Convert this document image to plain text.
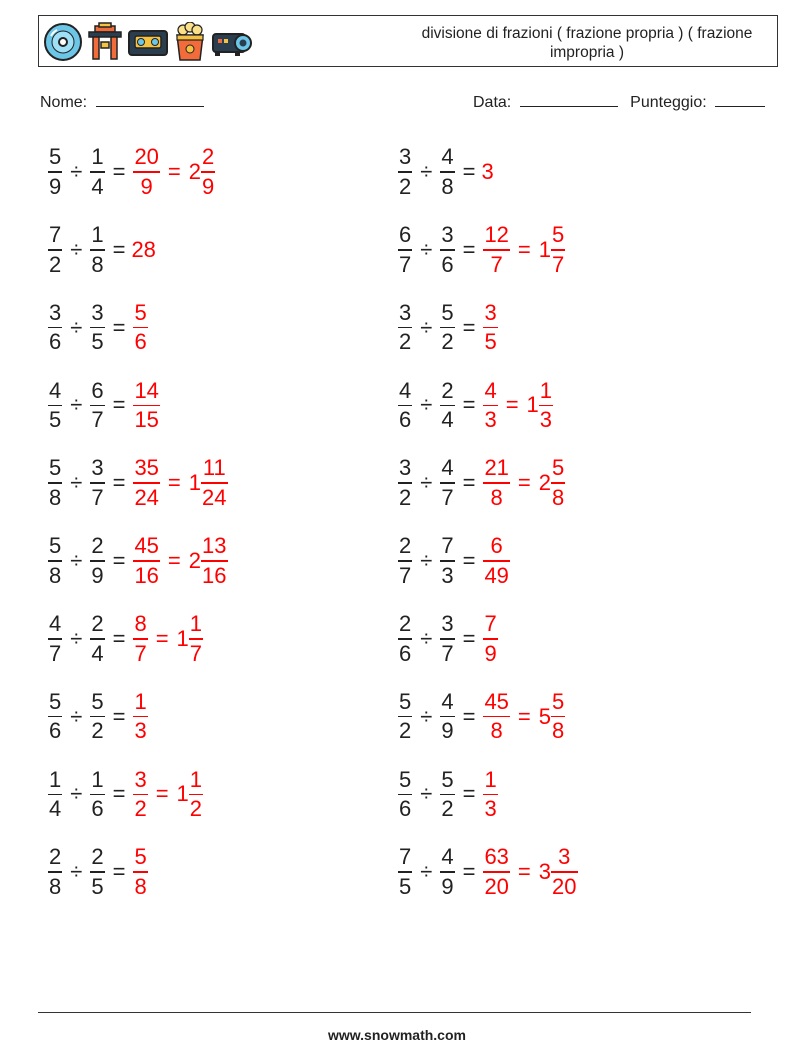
divisione di frazioni ( frazione propria ) ( frazione impropria )
Nome:	Data:	Punteggio:
$\frac{5}{9} \div \frac{1}{4} = \frac{20}{9} = 2 \frac{2}{9}$	$\frac{3}{2} \div \frac{4}{8} = 3$
$\frac{7}{2} \div \frac{1}{8} = 28$	$\frac{6}{7} \div \frac{3}{6} = \frac{12}{7} = 1 \frac{5}{7}$
$\frac{3}{6} \div \frac{3}{5} = \frac{5}{6}$	$\frac{3}{2} \div \frac{5}{2} = \frac{3}{5}$
$\frac{4}{5} \div \frac{6}{7} = \frac{14}{15}$	$\frac{4}{6} \div \frac{2}{4} = \frac{4}{3} = 1 \frac{1}{3}$
$\frac{5}{8} \div \frac{3}{7} = \frac{35}{24} = 1 \frac{11}{24}$	$\frac{3}{2} \div \frac{4}{7} = \frac{21}{8} = 2 \frac{5}{8}$
$\frac{5}{8} \div \frac{2}{9} = \frac{45}{16} = 2 \frac{13}{16}$	$\frac{2}{7} \div \frac{7}{3} = \frac{6}{49}$
$\frac{4}{7} \div \frac{2}{4} = \frac{8}{7} = 1 \frac{1}{7}$	$\frac{2}{6} \div \frac{3}{7} = \frac{7}{9}$
$\frac{5}{6} \div \frac{5}{2} = \frac{1}{3}$	$\frac{5}{2} \div \frac{4}{9} = \frac{45}{8} = 5 \frac{5}{8}$
$\frac{1}{4} \div \frac{1}{6} = \frac{3}{2} = 1 \frac{1}{2}$	$\frac{5}{6} \div \frac{5}{2} = \frac{1}{3}$
$\frac{2}{8} \div \frac{2}{5} = \frac{5}{8}$	$\frac{7}{5} \div \frac{4}{9} = \frac{63}{20} = 3 \frac{3}{20}$
www.snowmath.com
